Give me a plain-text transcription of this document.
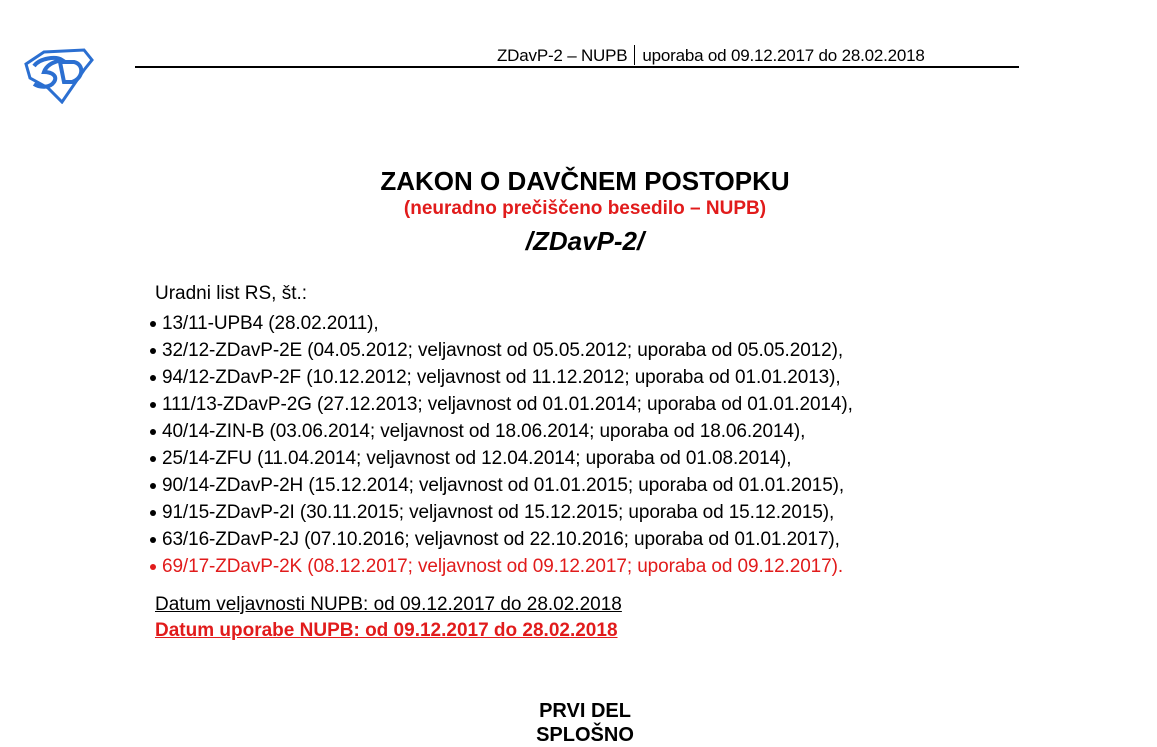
ZDavP-2 – NUPB uporaba od 09.12.2017 do 28.02.2018
ZAKON O DAVČNEM POSTOPKU
(neuradno prečiščeno besedilo – NUPB)
/ZDavP-2/
Uradni list RS, št.:
13/11-UPB4 (28.02.2011),
32/12-ZDavP-2E (04.05.2012; veljavnost od 05.05.2012; uporaba od 05.05.2012),
94/12-ZDavP-2F (10.12.2012; veljavnost od 11.12.2012; uporaba od 01.01.2013),
111/13-ZDavP-2G (27.12.2013; veljavnost od 01.01.2014; uporaba od 01.01.2014),
40/14-ZIN-B (03.06.2014; veljavnost od 18.06.2014; uporaba od 18.06.2014),
25/14-ZFU (11.04.2014; veljavnost od 12.04.2014; uporaba od 01.08.2014),
90/14-ZDavP-2H (15.12.2014; veljavnost od 01.01.2015; uporaba od 01.01.2015),
91/15-ZDavP-2I (30.11.2015; veljavnost od 15.12.2015; uporaba od 15.12.2015),
63/16-ZDavP-2J (07.10.2016; veljavnost od 22.10.2016; uporaba od 01.01.2017),
69/17-ZDavP-2K (08.12.2017; veljavnost od 09.12.2017; uporaba od 09.12.2017).
Datum veljavnosti NUPB: od 09.12.2017 do 28.02.2018
Datum uporabe NUPB: od 09.12.2017 do 28.02.2018
PRVI DEL
SPLOŠNO
